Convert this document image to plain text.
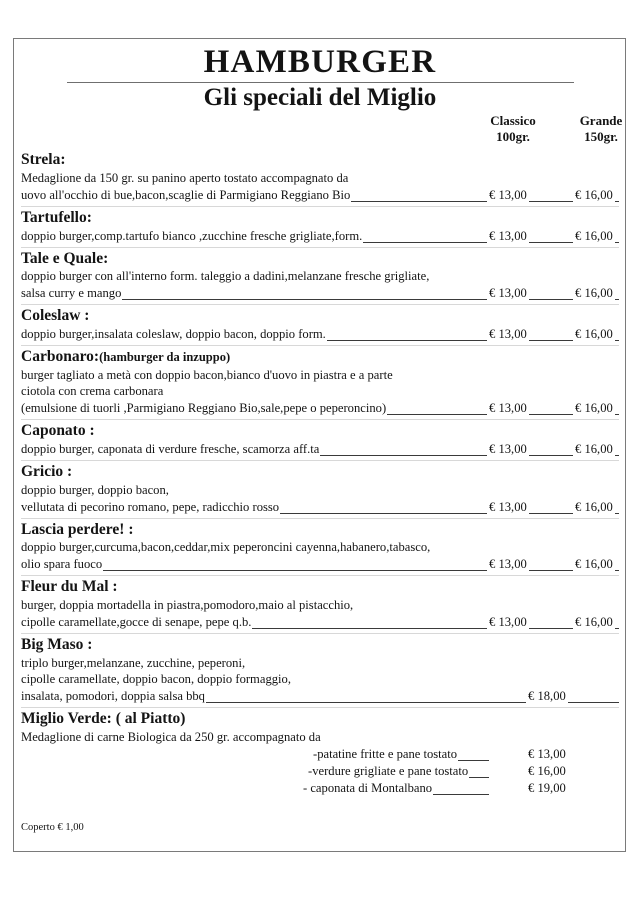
HAMBURGER
Gli speciali del Miglio
Classico
100gr.
Grande
150gr.
Strela:
Medaglione da 150 gr. su panino aperto tostato accompagnato da
uovo all'occhio di bue,bacon,scaglie di Parmigiano Reggiano Bio	€ 13,00	€ 16,00
Tartufello:
doppio burger,comp.tartufo bianco ,zucchine fresche grigliate,form.	€ 13,00	€ 16,00
Tale e Quale:
doppio burger con all'interno form. taleggio a dadini,melanzane fresche grigliate,
salsa curry e mango	€ 13,00	€ 16,00
Coleslaw :
doppio burger,insalata coleslaw, doppio bacon, doppio form.	€ 13,00	€ 16,00
Carbonaro:(hamburger da inzuppo)
burger tagliato a metà con doppio bacon,bianco d'uovo in piastra e a parte
ciotola con crema carbonara
(emulsione di tuorli ,Parmigiano Reggiano Bio,sale,pepe o peperoncino)	€ 13,00	€ 16,00
Caponato :
doppio burger, caponata di verdure fresche, scamorza aff.ta	€ 13,00	€ 16,00
Gricio :
doppio burger, doppio bacon,
vellutata di pecorino romano, pepe, radicchio rosso	€ 13,00	€ 16,00
Lascia perdere! :
doppio burger,curcuma,bacon,ceddar,mix peperoncini cayenna,habanero,tabasco,
olio spara fuoco	€ 13,00	€ 16,00
Fleur du Mal :
burger, doppia mortadella in piastra,pomodoro,maio al pistacchio,
cipolle caramellate,gocce di senape, pepe q.b.	€ 13,00	€ 16,00
Big Maso :
triplo burger,melanzane, zucchine, peperoni,
cipolle caramellate, doppio bacon, doppio formaggio,
insalata, pomodori, doppia salsa bbq	€ 18,00
Miglio Verde: ( al Piatto)
Medaglione di carne Biologica da 250 gr. accompagnato da
-patatine fritte e pane tostato	€ 13,00
-verdure grigliate e pane tostato	€ 16,00
- caponata di Montalbano	€ 19,00
Coperto € 1,00
